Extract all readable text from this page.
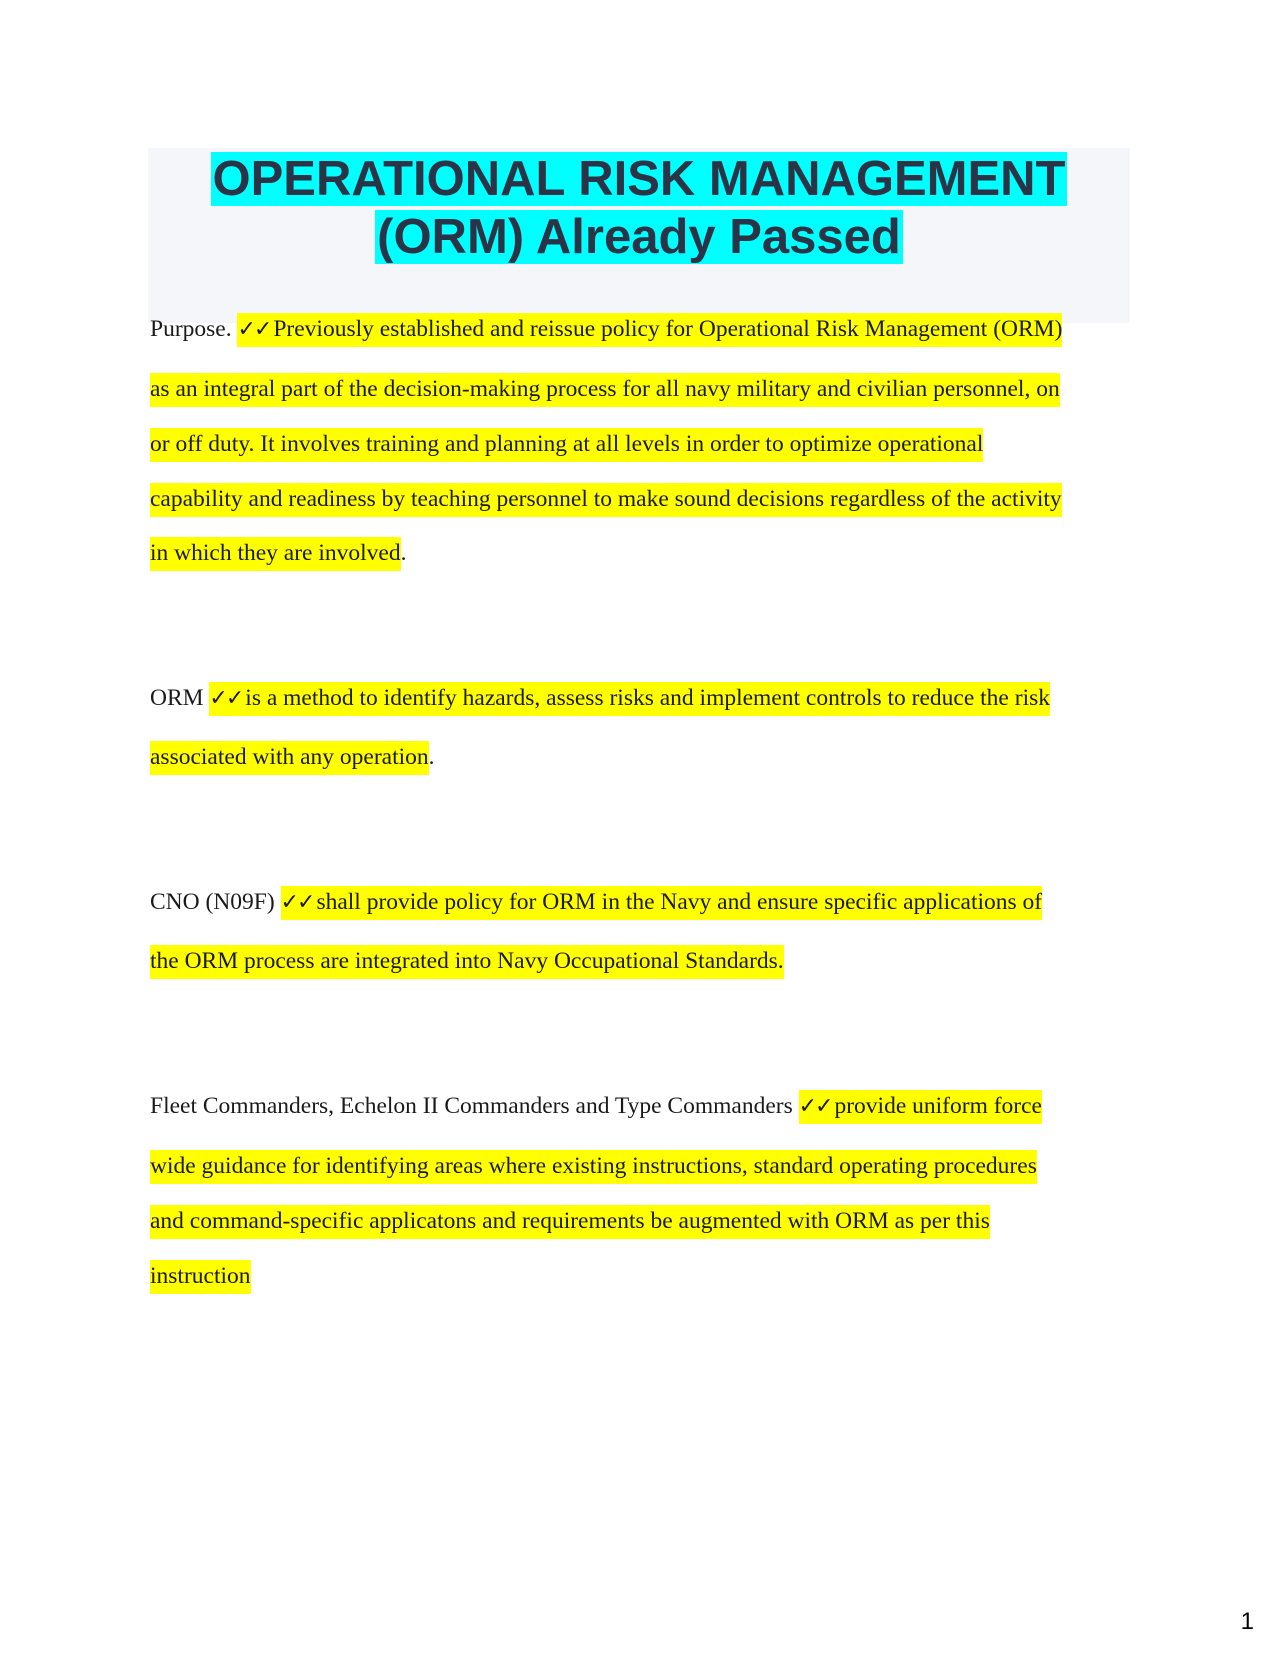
OPERATIONAL RISK MANAGEMENT
(ORM) Already Passed
Purpose. ✓✓ Previously established and reissue policy for Operational Risk Management (ORM)
as an integral part of the decision-making process for all navy military and civilian personnel, on
or off duty. It involves training and planning at all levels in order to optimize operational
capability and readiness by teaching personnel to make sound decisions regardless of the activity
in which they are involved.
ORM ✓✓ is a method to identify hazards, assess risks and implement controls to reduce the risk
associated with any operation.
CNO (N09F) ✓✓ shall provide policy for ORM in the Navy and ensure specific applications of
the ORM process are integrated into Navy Occupational Standards.
Fleet Commanders, Echelon II Commanders and Type Commanders ✓✓ provide uniform force
wide guidance for identifying areas where existing instructions, standard operating procedures
and command-specific applicatons and requirements be augmented with ORM as per this
instruction
1
